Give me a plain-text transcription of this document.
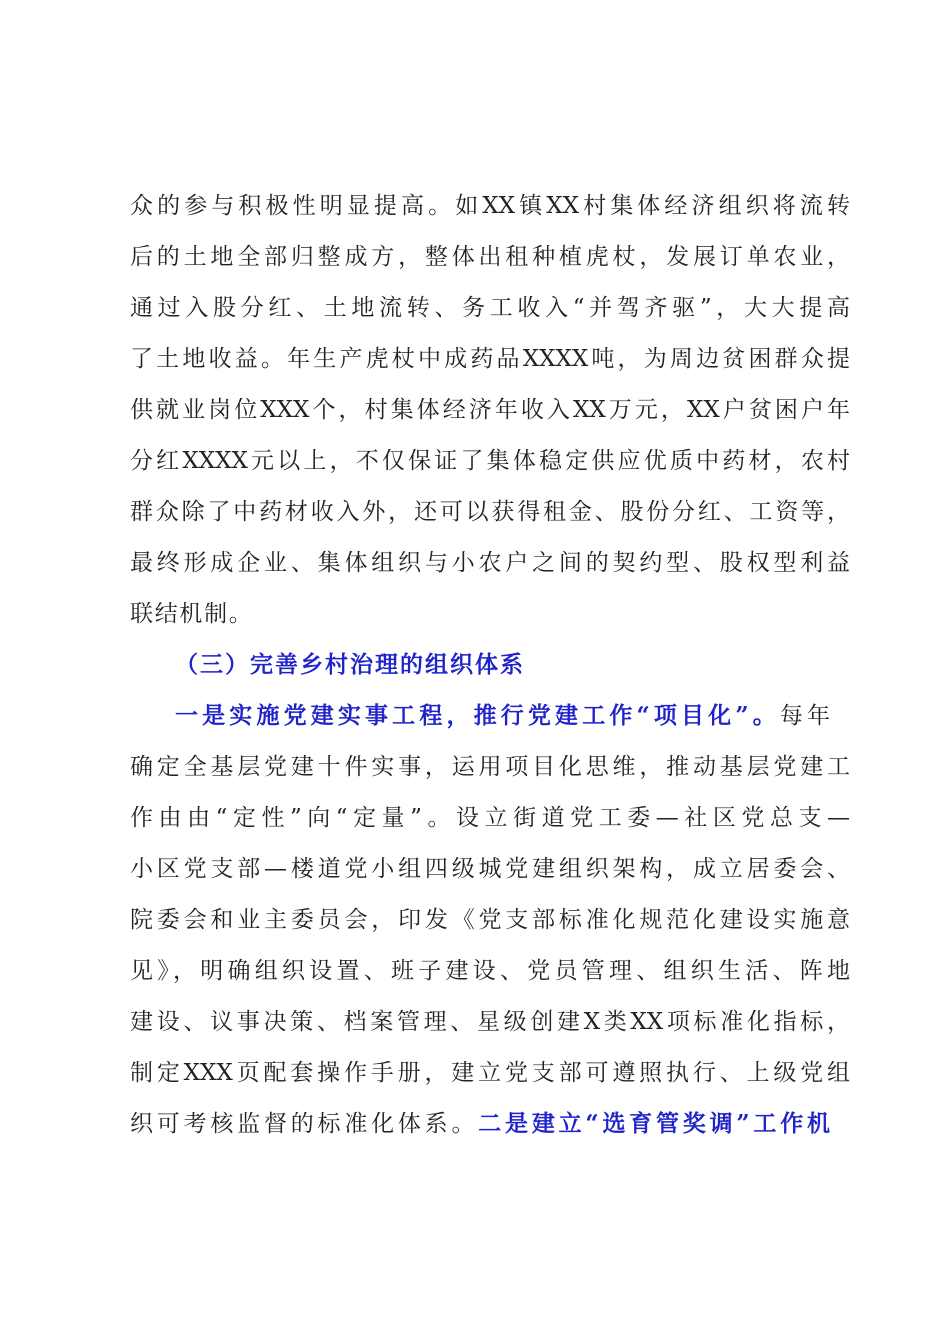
众的参与积极性明显提高。如XX镇XX村集体经济组织将流转
后的土地全部归整成方，整体出租种植虎杖，发展订单农业，
通过入股分红、土地流转、务工收入“并驾齐驱”，大大提高
了土地收益。年生产虎杖中成药品XXXX吨，为周边贫困群众提
供就业岗位XXX个，村集体经济年收入XX万元，XX户贫困户年
分红XXXX元以上，不仅保证了集体稳定供应优质中药材，农村
群众除了中药材收入外，还可以获得租金、股份分红、工资等，
最终形成企业、集体组织与小农户之间的契约型、股权型利益
联结机制。
（三）完善乡村治理的组织体系
一是实施党建实事工程，推行党建工作“项目化”。每年
确定全基层党建十件实事，运用项目化思维，推动基层党建工
作由由“定性”向“定量”。设立街道党工委—社区党总支—
小区党支部—楼道党小组四级城党建组织架构，成立居委会、
院委会和业主委员会，印发《党支部标准化规范化建设实施意
见》，明确组织设置、班子建设、党员管理、组织生活、阵地
建设、议事决策、档案管理、星级创建X类XX项标准化指标，
制定XXX页配套操作手册，建立党支部可遵照执行、上级党组
织可考核监督的标准化体系。二是建立“选育管奖调”工作机
